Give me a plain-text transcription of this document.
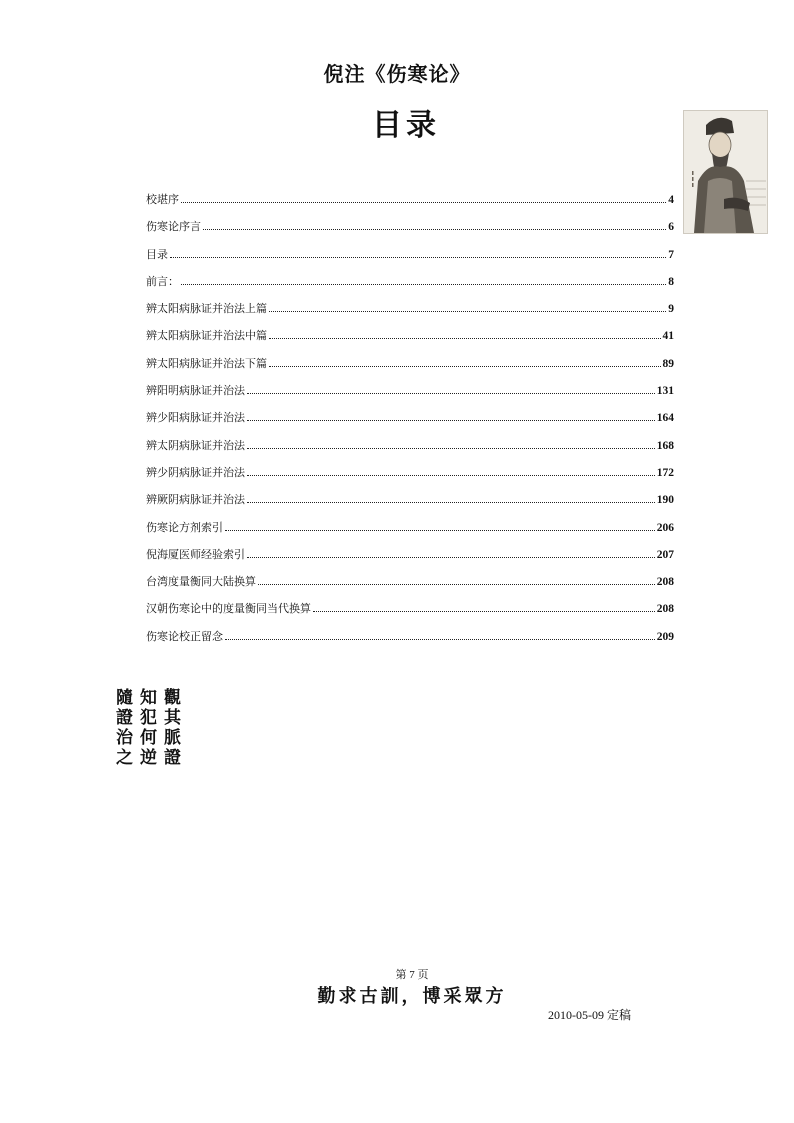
倪注《伤寒论》
目录
校堪序	4
伤寒论序言	6
目录	7
前言：	8
辨太阳病脉证并治法上篇	9
辨太阳病脉证并治法中篇	41
辨太阳病脉证并治法下篇	89
辨阳明病脉证并治法	131
辨少阳病脉证并治法	164
辨太阴病脉证并治法	168
辨少阴病脉证并治法	172
辨厥阴病脉证并治法	190
伤寒论方剂索引	206
倪海厦医师经验索引	207
台湾度量衡同大陆换算	208
汉朝伤寒论中的度量衡同当代换算	208
伤寒论校正留念	209
觀其脈證
知犯何逆
隨證治之
第 7 页
勤求古訓，博采眾方
2010-05-09 定稿
